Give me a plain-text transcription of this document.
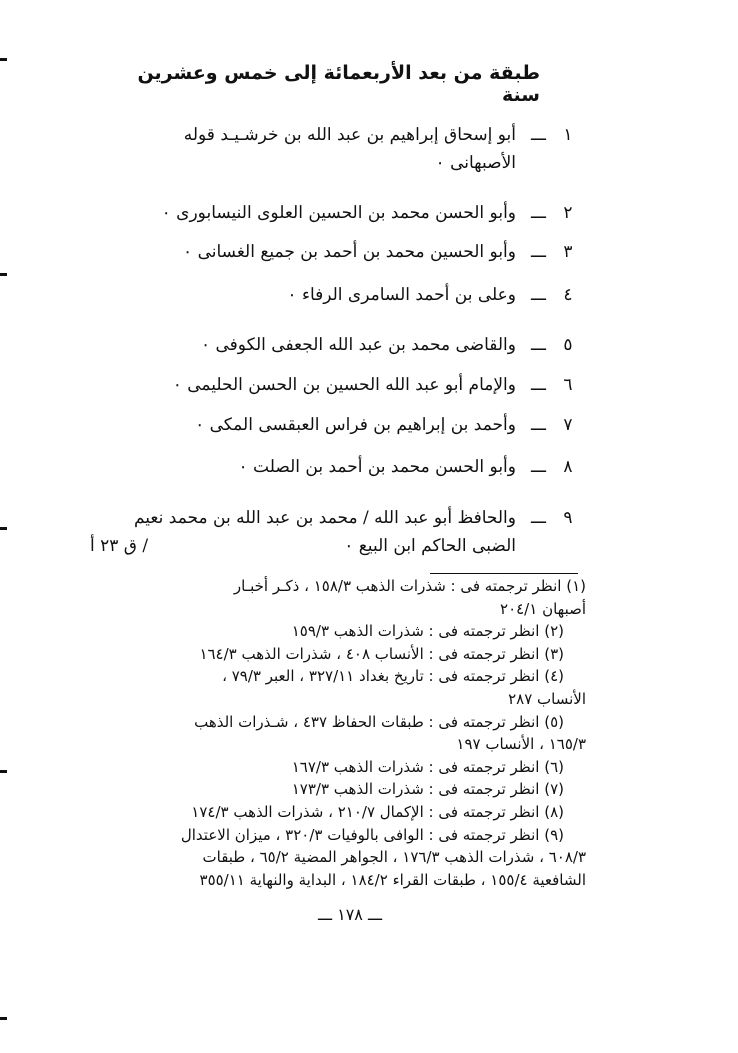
طبقة من بعد الأربعمائة إلى خمس وعشرين سنة
١
ـــ
أبو إسحاق إبراهيم بن عبد الله بن خرشـيـد قوله
الأصبهانى ٠
٢
ـــ
وأبو الحسن محمد بن الحسين العلوى النيسابورى ٠
٣
ـــ
وأبو الحسين محمد بن أحمد بن جميع الغسانى ٠
٤
ـــ
وعلى بن أحمد السامرى الرفاء ٠
٥
ـــ
والقاضى محمد بن عبد الله الجعفى الكوفى ٠
٦
ـــ
والإمام أبو عبد الله الحسين بن الحسن الحليمى ٠
٧
ـــ
وأحمد بن إبراهيم بن فراس العبقسى المكى ٠
٨
ـــ
وأبو الحسن محمد بن أحمد بن الصلت ٠
٩
ـــ
والحافظ أبو عبد الله / محمد بن عبد الله بن محمد نعيم
الضبى الحاكم ابن البيع ٠
/ ق ٢٣ أ
(١) انظر ترجمته فى : شذرات الذهب ١٥٨/٣ ، ذكـر أخبـار
أصبهان ٢٠٤/١
(٢) انظر ترجمته فى : شذرات الذهب ١٥٩/٣
(٣) انظر ترجمته فى : الأنساب ٤٠٨ ، شذرات الذهب ١٦٤/٣
(٤) انظر ترجمته فى : تاريخ بغداد ٣٢٧/١١ ، العبر ٧٩/٣ ،
الأنساب ٢٨٧
(٥) انظر ترجمته فى : طبقات الحفاظ ٤٣٧ ، شـذرات الذهب
١٦٥/٣ ، الأنساب ١٩٧
(٦) انظر ترجمته فى : شذرات الذهب ١٦٧/٣
(٧) انظر ترجمته فى : شذرات الذهب ١٧٣/٣
(٨) انظر ترجمته فى : الإكمال ٢١٠/٧ ، شذرات الذهب ١٧٤/٣
(٩) انظر ترجمته فى : الوافى بالوفيات ٣٢٠/٣ ، ميزان الاعتدال
٦٠٨/٣ ، شذرات الذهب ١٧٦/٣ ، الجواهر المضية ٦٥/٢ ، طبقات
الشافعية ١٥٥/٤ ، طبقات القراء ١٨٤/٢ ، البداية والنهاية ٣٥٥/١١
ـــ ١٧٨ ـــ
